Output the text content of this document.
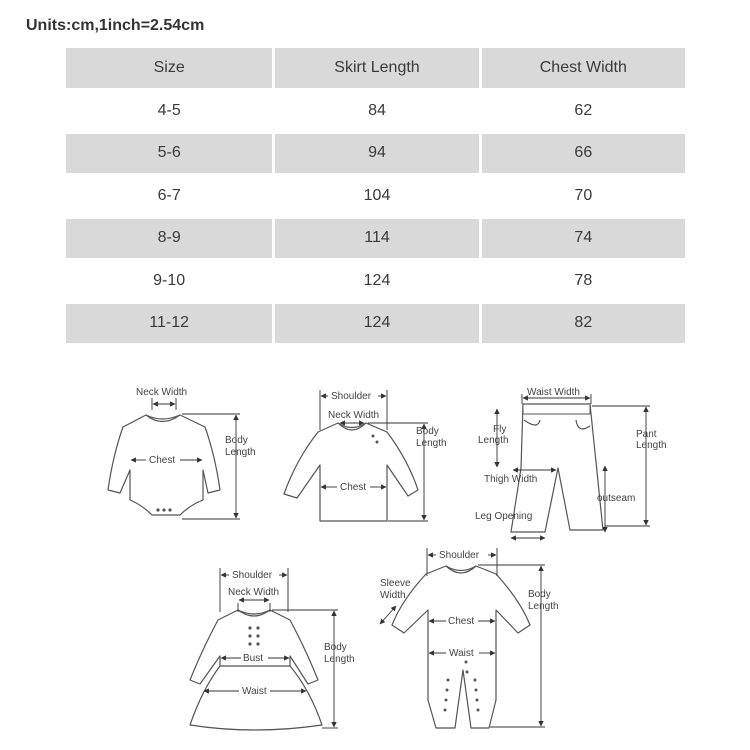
Units:cm,1inch=2.54cm
Size	Skirt Length	Chest Width
4-5	84	62
5-6	94	66
6-7	104	70
8-9	114	74
9-10	124	78
11-12	124	82
Neck Width
Body
Length
Chest
Shoulder
Neck Width
Body
Length
Chest
Waist Width
Fly
Length
Pant
Length
Thigh Width
outseam
Leg Opening
Shoulder
Neck Width
Bust
Waist
Body
Length
Shoulder
Sleeve
Width
Chest
Waist
Body
Length
